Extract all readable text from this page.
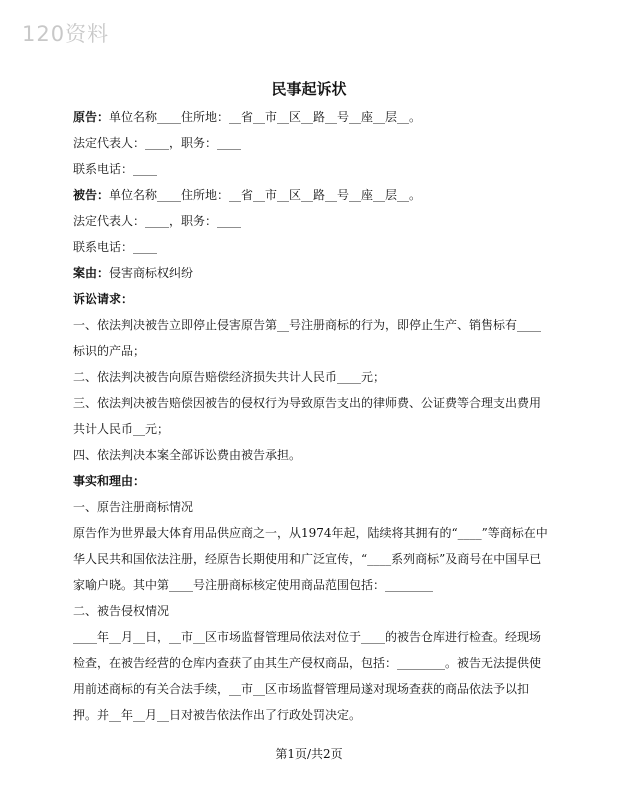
120资料
民事起诉状
原告：单位名称____住所地：__省__市__区__路__号__座__层__。
法定代表人：____，职务：____
联系电话：____
被告：单位名称____住所地：__省__市__区__路__号__座__层__。
法定代表人：____，职务：____
联系电话：____
案由：侵害商标权纠纷
诉讼请求：
一、依法判决被告立即停止侵害原告第__号注册商标的行为，即停止生产、销售标有____标识的产品；
二、依法判决被告向原告赔偿经济损失共计人民币____元；
三、依法判决被告赔偿因被告的侵权行为导致原告支出的律师费、公证费等合理支出费用共计人民币__元；
四、依法判决本案全部诉讼费由被告承担。
事实和理由：
一、原告注册商标情况
原告作为世界最大体育用品供应商之一，从1974年起，陆续将其拥有的“____”等商标在中华人民共和国依法注册，经原告长期使用和广泛宣传，“____系列商标”及商号在中国早已家喻户晓。其中第____号注册商标核定使用商品范围包括：________
二、被告侵权情况
____年__月__日，__市__区市场监督管理局依法对位于____的被告仓库进行检查。经现场检查，在被告经营的仓库内查获了由其生产侵权商品，包括：________。被告无法提供使用前述商标的有关合法手续，__市__区市场监督管理局遂对现场查获的商品依法予以扣押。并__年__月__日对被告依法作出了行政处罚决定。
第1页/共2页
